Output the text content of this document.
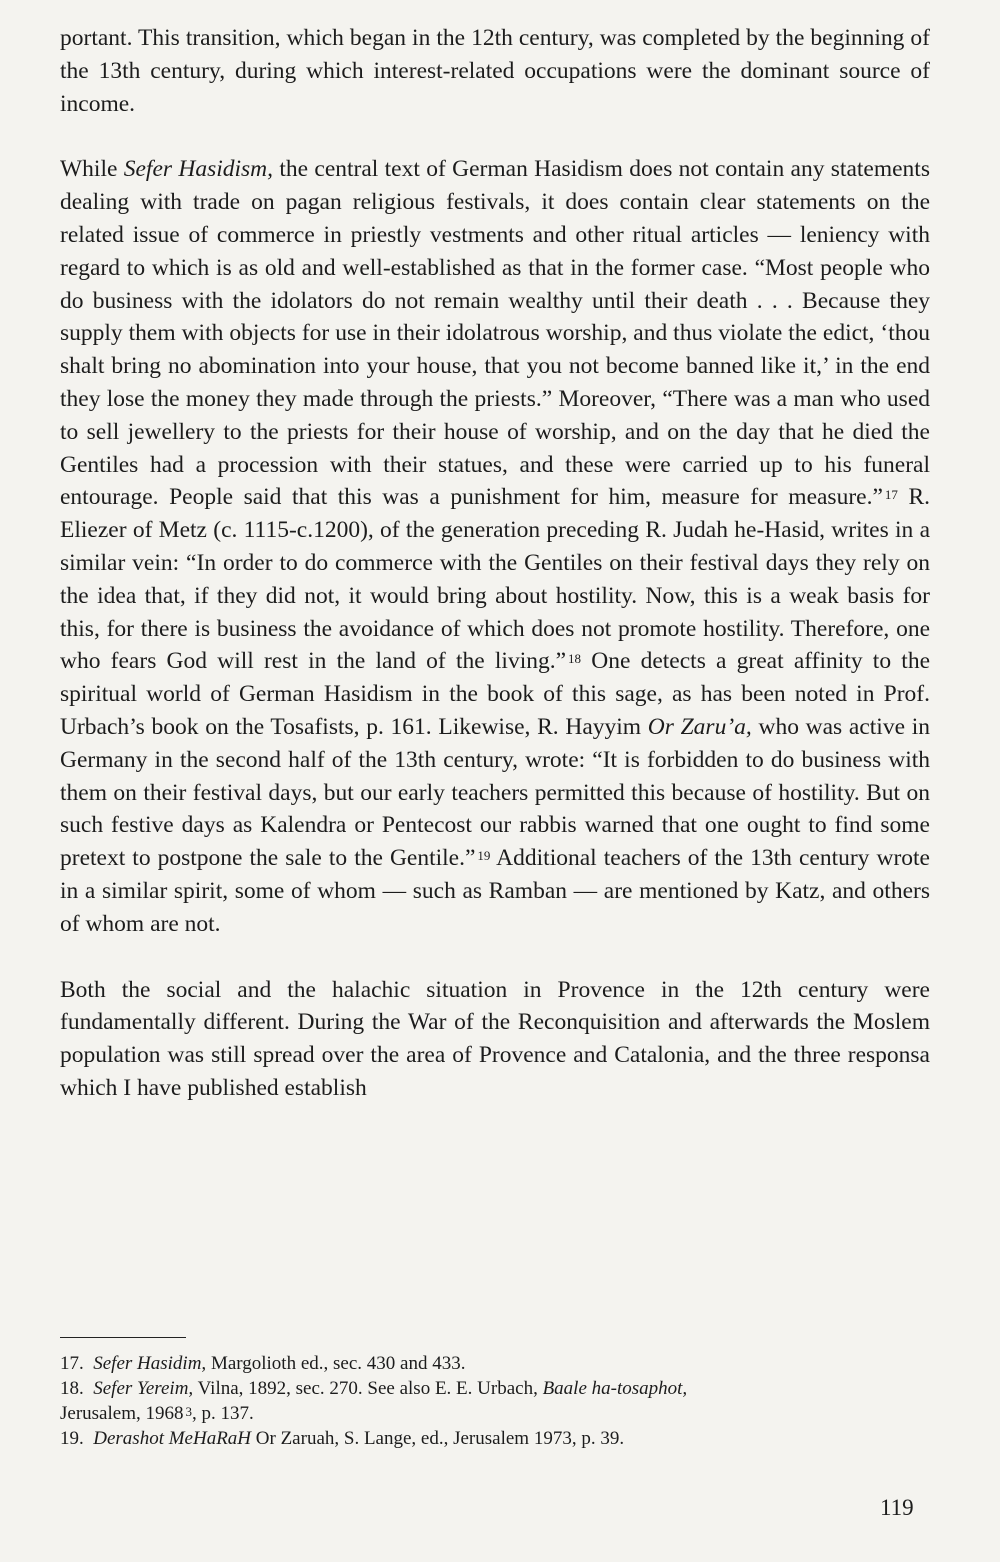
portant. This transition, which began in the 12th century, was completed by the beginning of the 13th century, during which interest-related occupations were the dominant source of income.

While Sefer Hasidism, the central text of German Hasidism does not contain any statements dealing with trade on pagan religious festivals, it does contain clear statements on the related issue of commerce in priestly vestments and other ritual articles — leniency with regard to which is as old and well-established as that in the former case. “Most people who do business with the idolators do not remain wealthy until their death . . . Because they supply them with objects for use in their idolatrous worship, and thus violate the edict, ‘thou shalt bring no abomination into your house, that you not become banned like it,’ in the end they lose the money they made through the priests.” Moreover, “There was a man who used to sell jewellery to the priests for their house of worship, and on the day that he died the Gentiles had a procession with their statues, and these were carried up to his funeral entourage. People said that this was a punishment for him, measure for measure.” $^{17}$ R. Eliezer of Metz (c. 1115-c.1200), of the generation preceding R. Judah he-Hasid, writes in a similar vein: “In order to do commerce with the Gentiles on their festival days they rely on the idea that, if they did not, it would bring about hostility. Now, this is a weak basis for this, for there is business the avoidance of which does not promote hostility. Therefore, one who fears God will rest in the land of the living.” $^{18}$ One detects a great affinity to the spiritual world of German Hasidism in the book of this sage, as has been noted in Prof. Urbach’s book on the Tosafists, p. 161. Likewise, R. Hayyim Or Zaru’a, who was active in Germany in the second half of the 13th century, wrote: “It is forbidden to do business with them on their festival days, but our early teachers permitted this because of hostility. But on such festive days as Kalendra or Pentecost our rabbis warned that one ought to find some pretext to postpone the sale to the Gentile.” $^{19}$ Additional teachers of the 13th century wrote in a similar spirit, some of whom — such as Ramban — are mentioned by Katz, and others of whom are not.

Both the social and the halachic situation in Provence in the 12th century were fundamentally different. During the War of the Reconquisition and afterwards the Moslem population was still spread over the area of Provence and Catalonia, and the three responsa which I have published establish

17.  Sefer Hasidim, Margolioth ed., sec. 430 and 433.
18.  Sefer Yereim, Vilna, 1892, sec. 270. See also E. E. Urbach, Baale ha-tosaphot,
Jerusalem, 1968 $^3$, p. 137.
19.  Derashot MeHaRaH Or Zaruah, S. Lange, ed., Jerusalem 1973, p. 39.
119
